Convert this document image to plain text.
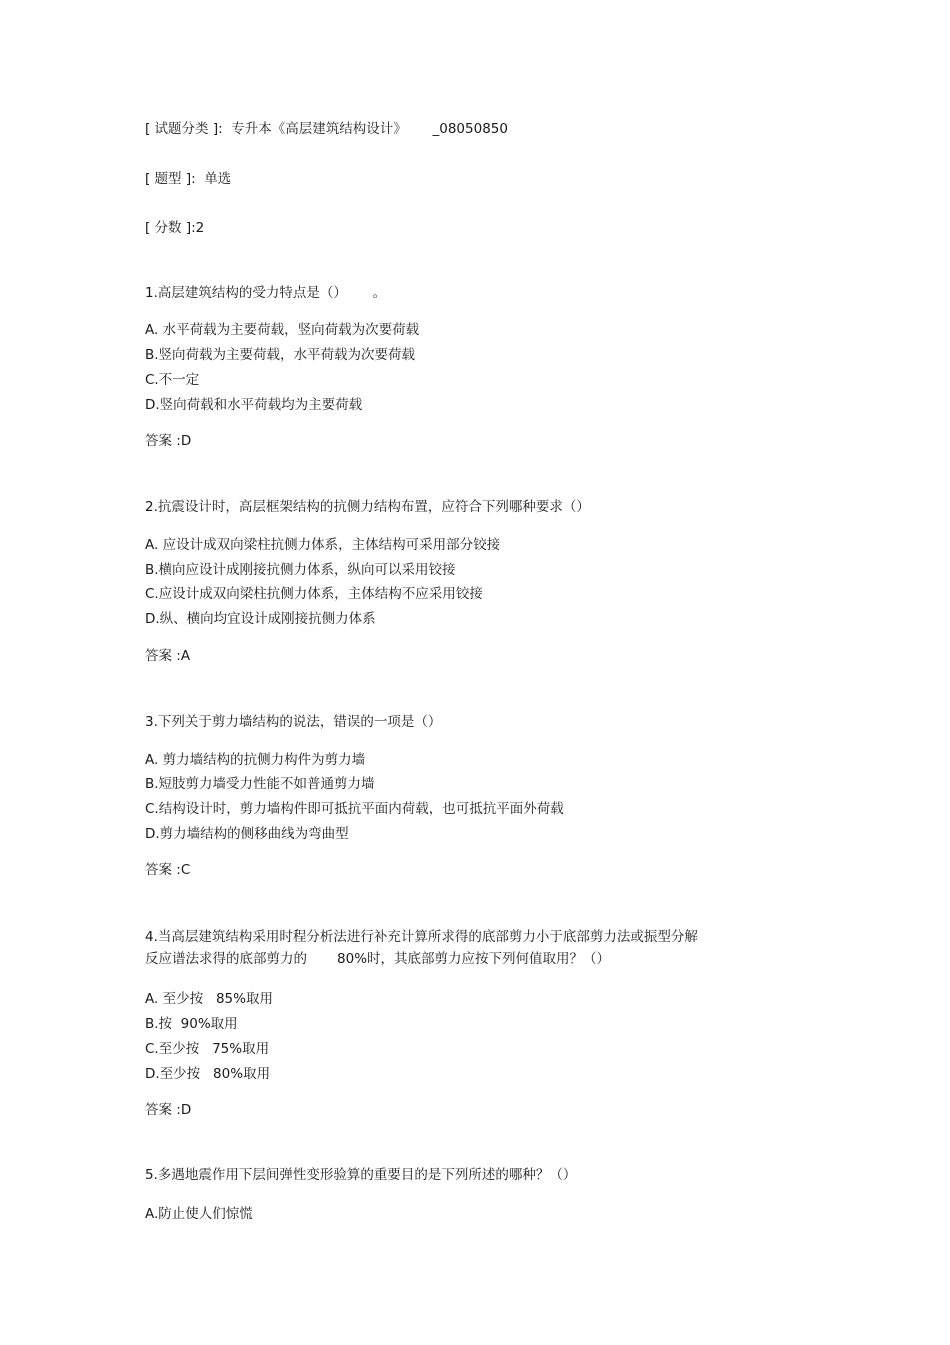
[ 试题分类 ]:  专升本《高层建筑结构设计》      _08050850
[ 题型 ]:  单选
[ 分数 ]:2
1.高层建筑结构的受力特点是（）      。
A. 水平荷载为主要荷载，竖向荷载为次要荷载
B.竖向荷载为主要荷载，水平荷载为次要荷载
C.不一定
D.竖向荷载和水平荷载均为主要荷载
答案 :D
2.抗震设计时，高层框架结构的抗侧力结构布置，应符合下列哪种要求（）
A. 应设计成双向梁柱抗侧力体系，主体结构可采用部分铰接
B.横向应设计成刚接抗侧力体系，纵向可以采用铰接
C.应设计成双向梁柱抗侧力体系，主体结构不应采用铰接
D.纵、横向均宜设计成刚接抗侧力体系
答案 :A
3.下列关于剪力墙结构的说法，错误的一项是（）
A. 剪力墙结构的抗侧力构件为剪力墙
B.短肢剪力墙受力性能不如普通剪力墙
C.结构设计时，剪力墙构件即可抵抗平面内荷载，也可抵抗平面外荷载
D.剪力墙结构的侧移曲线为弯曲型
答案 :C
4.当高层建筑结构采用时程分析法进行补充计算所求得的底部剪力小于底部剪力法或振型分解
反应谱法求得的底部剪力的       80%时，其底部剪力应按下列何值取用？（）
A. 至少按   85%取用
B.按  90%取用
C.至少按   75%取用
D.至少按   80%取用
答案 :D
5.多遇地震作用下层间弹性变形验算的重要目的是下列所述的哪种？（）
A.防止使人们惊慌
